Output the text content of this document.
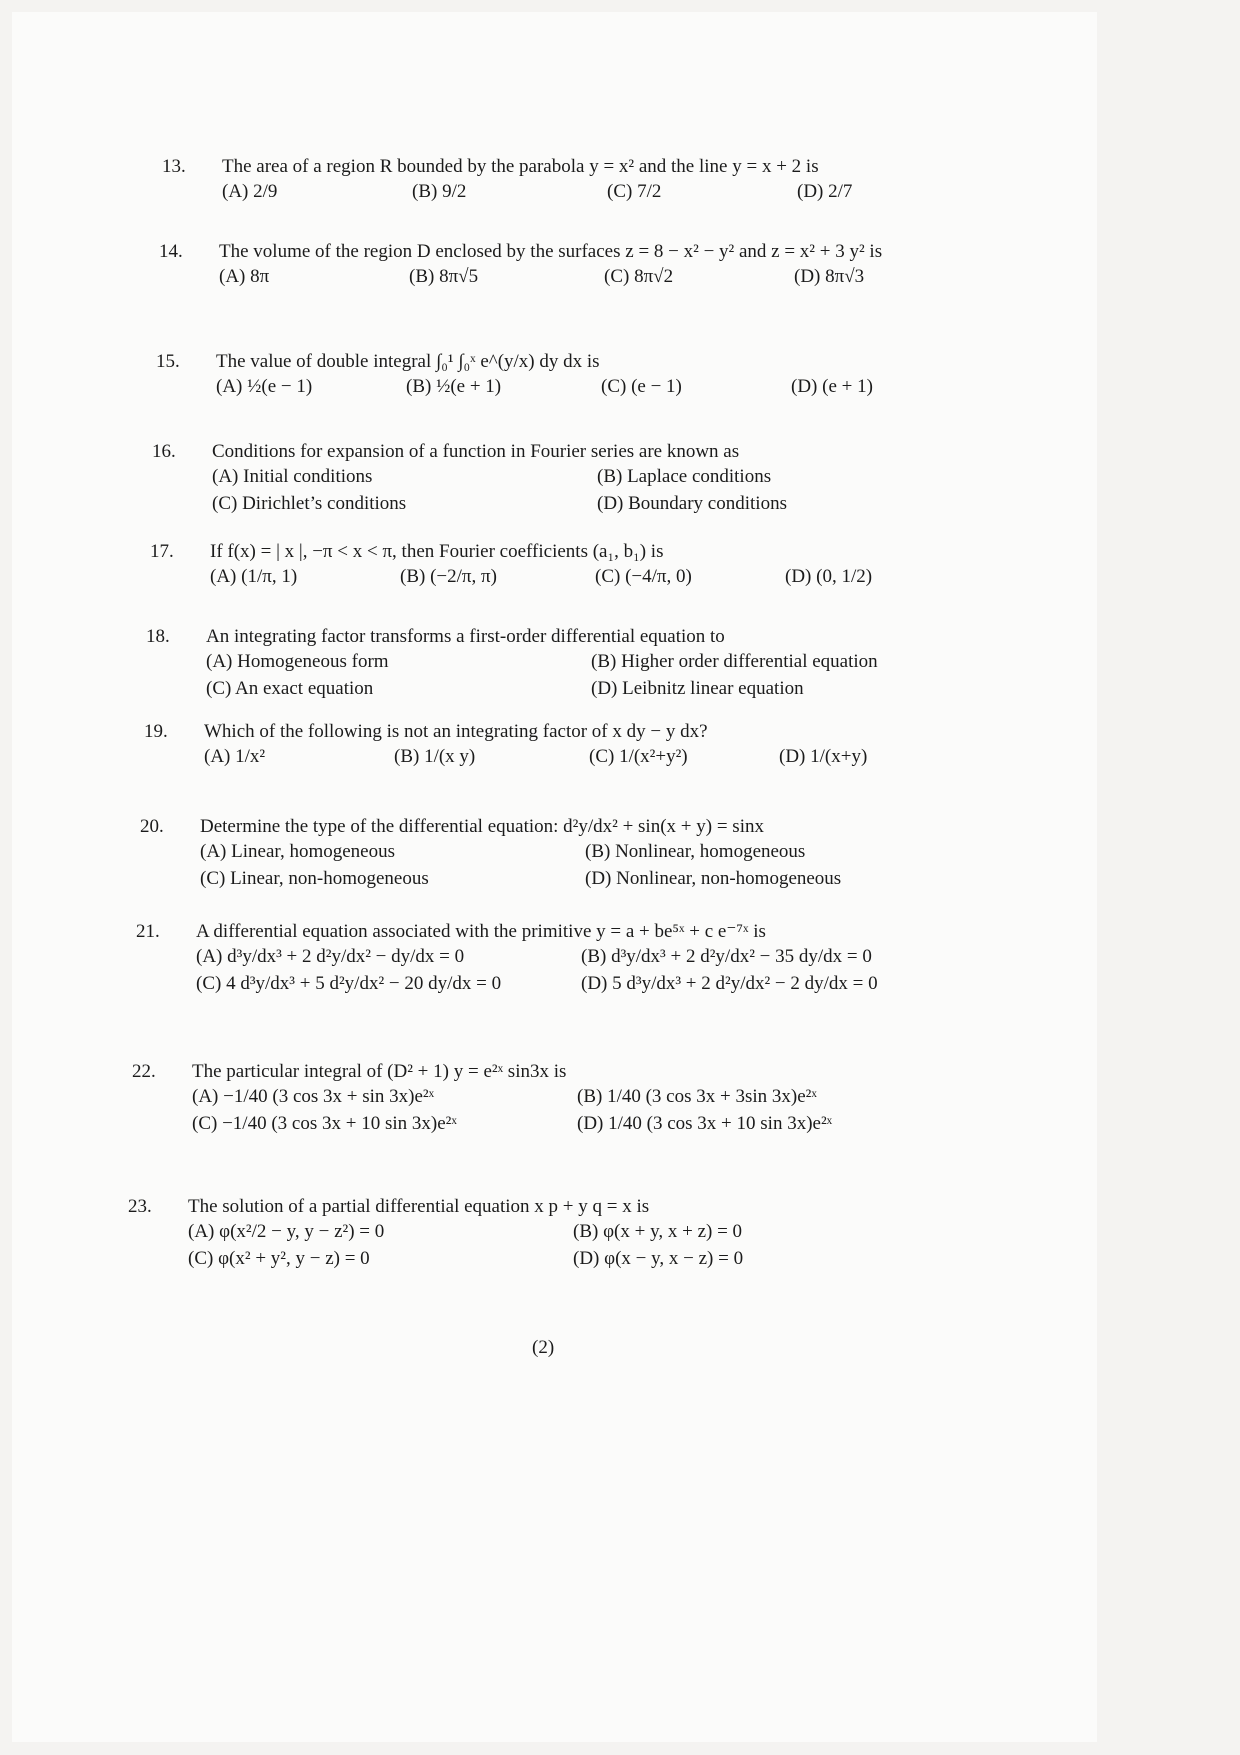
13. The area of a region R bounded by the parabola y = x² and the line y = x + 2 is
(A) 2/9	(B) 9/2	(C) 7/2	(D) 2/7
14. The volume of the region D enclosed by the surfaces z = 8 − x² − y² and z = x² + 3 y² is
(A) 8π	(B) 8π√5	(C) 8π√2	(D) 8π√3
15. The value of double integral ∫₀¹ ∫₀ˣ e^(y/x) dy dx is
(A) ½(e − 1)	(B) ½(e + 1)	(C) (e − 1)	(D) (e + 1)
16. Conditions for expansion of a function in Fourier series are known as
(A) Initial conditions	(B) Laplace conditions
(C) Dirichlet’s conditions	(D) Boundary conditions
17. If f(x) = | x |, −π < x < π, then Fourier coefficients (a₁, b₁) is
(A) (1/π, 1)	(B) (−2/π, π)	(C) (−4/π, 0)	(D) (0, 1/2)
18. An integrating factor transforms a first-order differential equation to
(A) Homogeneous form	(B) Higher order differential equation
(C) An exact equation	(D) Leibnitz linear equation
19. Which of the following is not an integrating factor of x dy − y dx?
(A) 1/x²	(B) 1/(x y)	(C) 1/(x²+y²)	(D) 1/(x+y)
20. Determine the type of the differential equation: d²y/dx² + sin(x + y) = sinx
(A) Linear, homogeneous	(B) Nonlinear, homogeneous
(C) Linear, non-homogeneous	(D) Nonlinear, non-homogeneous
21. A differential equation associated with the primitive y = a + be⁵ˣ + c e⁻⁷ˣ is
(A) d³y/dx³ + 2 d²y/dx² − dy/dx = 0	(B) d³y/dx³ + 2 d²y/dx² − 35 dy/dx = 0
(C) 4 d³y/dx³ + 5 d²y/dx² − 20 dy/dx = 0	(D) 5 d³y/dx³ + 2 d²y/dx² − 2 dy/dx = 0
22. The particular integral of (D² + 1) y = e²ˣ sin3x is
(A) −1/40 (3 cos 3x + sin 3x)e²ˣ	(B) 1/40 (3 cos 3x + 3sin 3x)e²ˣ
(C) −1/40 (3 cos 3x + 10 sin 3x)e²ˣ	(D) 1/40 (3 cos 3x + 10 sin 3x)e²ˣ
23. The solution of a partial differential equation x p + y q = x is
(A) φ(x²/2 − y, y − z²) = 0	(B) φ(x + y, x + z) = 0
(C) φ(x² + y², y − z) = 0	(D) φ(x − y, x − z) = 0
(2)
